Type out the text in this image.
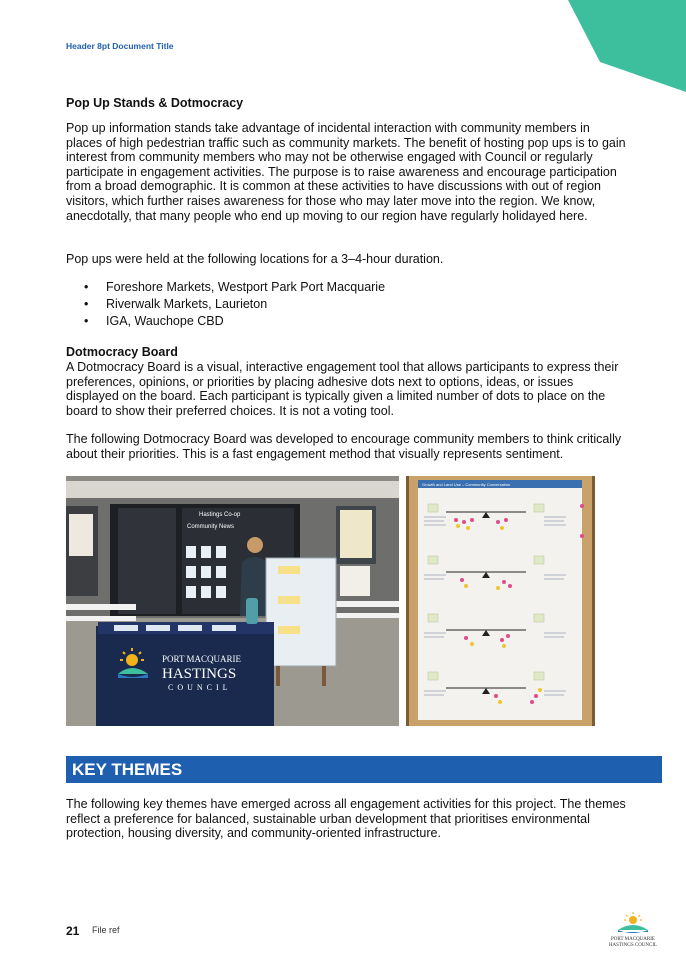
Header 8pt Document Title

Pop Up Stands & Dotmocracy

Pop up information stands take advantage of incidental interaction with community members in places of high pedestrian traffic such as community markets. The benefit of hosting pop ups is to gain interest from community members who may not be otherwise engaged with Council or regularly participate in engagement activities. The purpose is to raise awareness and encourage participation from a broad demographic. It is common at these activities to have discussions with out of region visitors, which further raises awareness for those who may later move into the region. We know, anecdotally, that many people who end up moving to our region have regularly holidayed here.

Pop ups were held at the following locations for a 3–4-hour duration.

• Foreshore Markets, Westport Park Port Macquarie
• Riverwalk Markets, Laurieton
• IGA, Wauchope CBD

Dotmocracy Board

A Dotmocracy Board is a visual, interactive engagement tool that allows participants to express their preferences, opinions, or priorities by placing adhesive dots next to options, ideas, or issues displayed on the board. Each participant is typically given a limited number of dots to place on the board to show their preferred choices. It is not a voting tool.

The following Dotmocracy Board was developed to encourage community members to think critically about their priorities. This is a fast engagement method that visually represents sentiment.

PORT MACQUARIE
HASTINGS
COUNCIL
Hastings Co-op
Community News
Growth and Land Use – Community Conversation
KEY THEMES

The following key themes have emerged across all engagement activities for this project. The themes reflect a preference for balanced, sustainable urban development that prioritises environmental protection, housing diversity, and community-oriented infrastructure.

21 File ref
PORT MACQUARIE
HASTINGS COUNCIL
